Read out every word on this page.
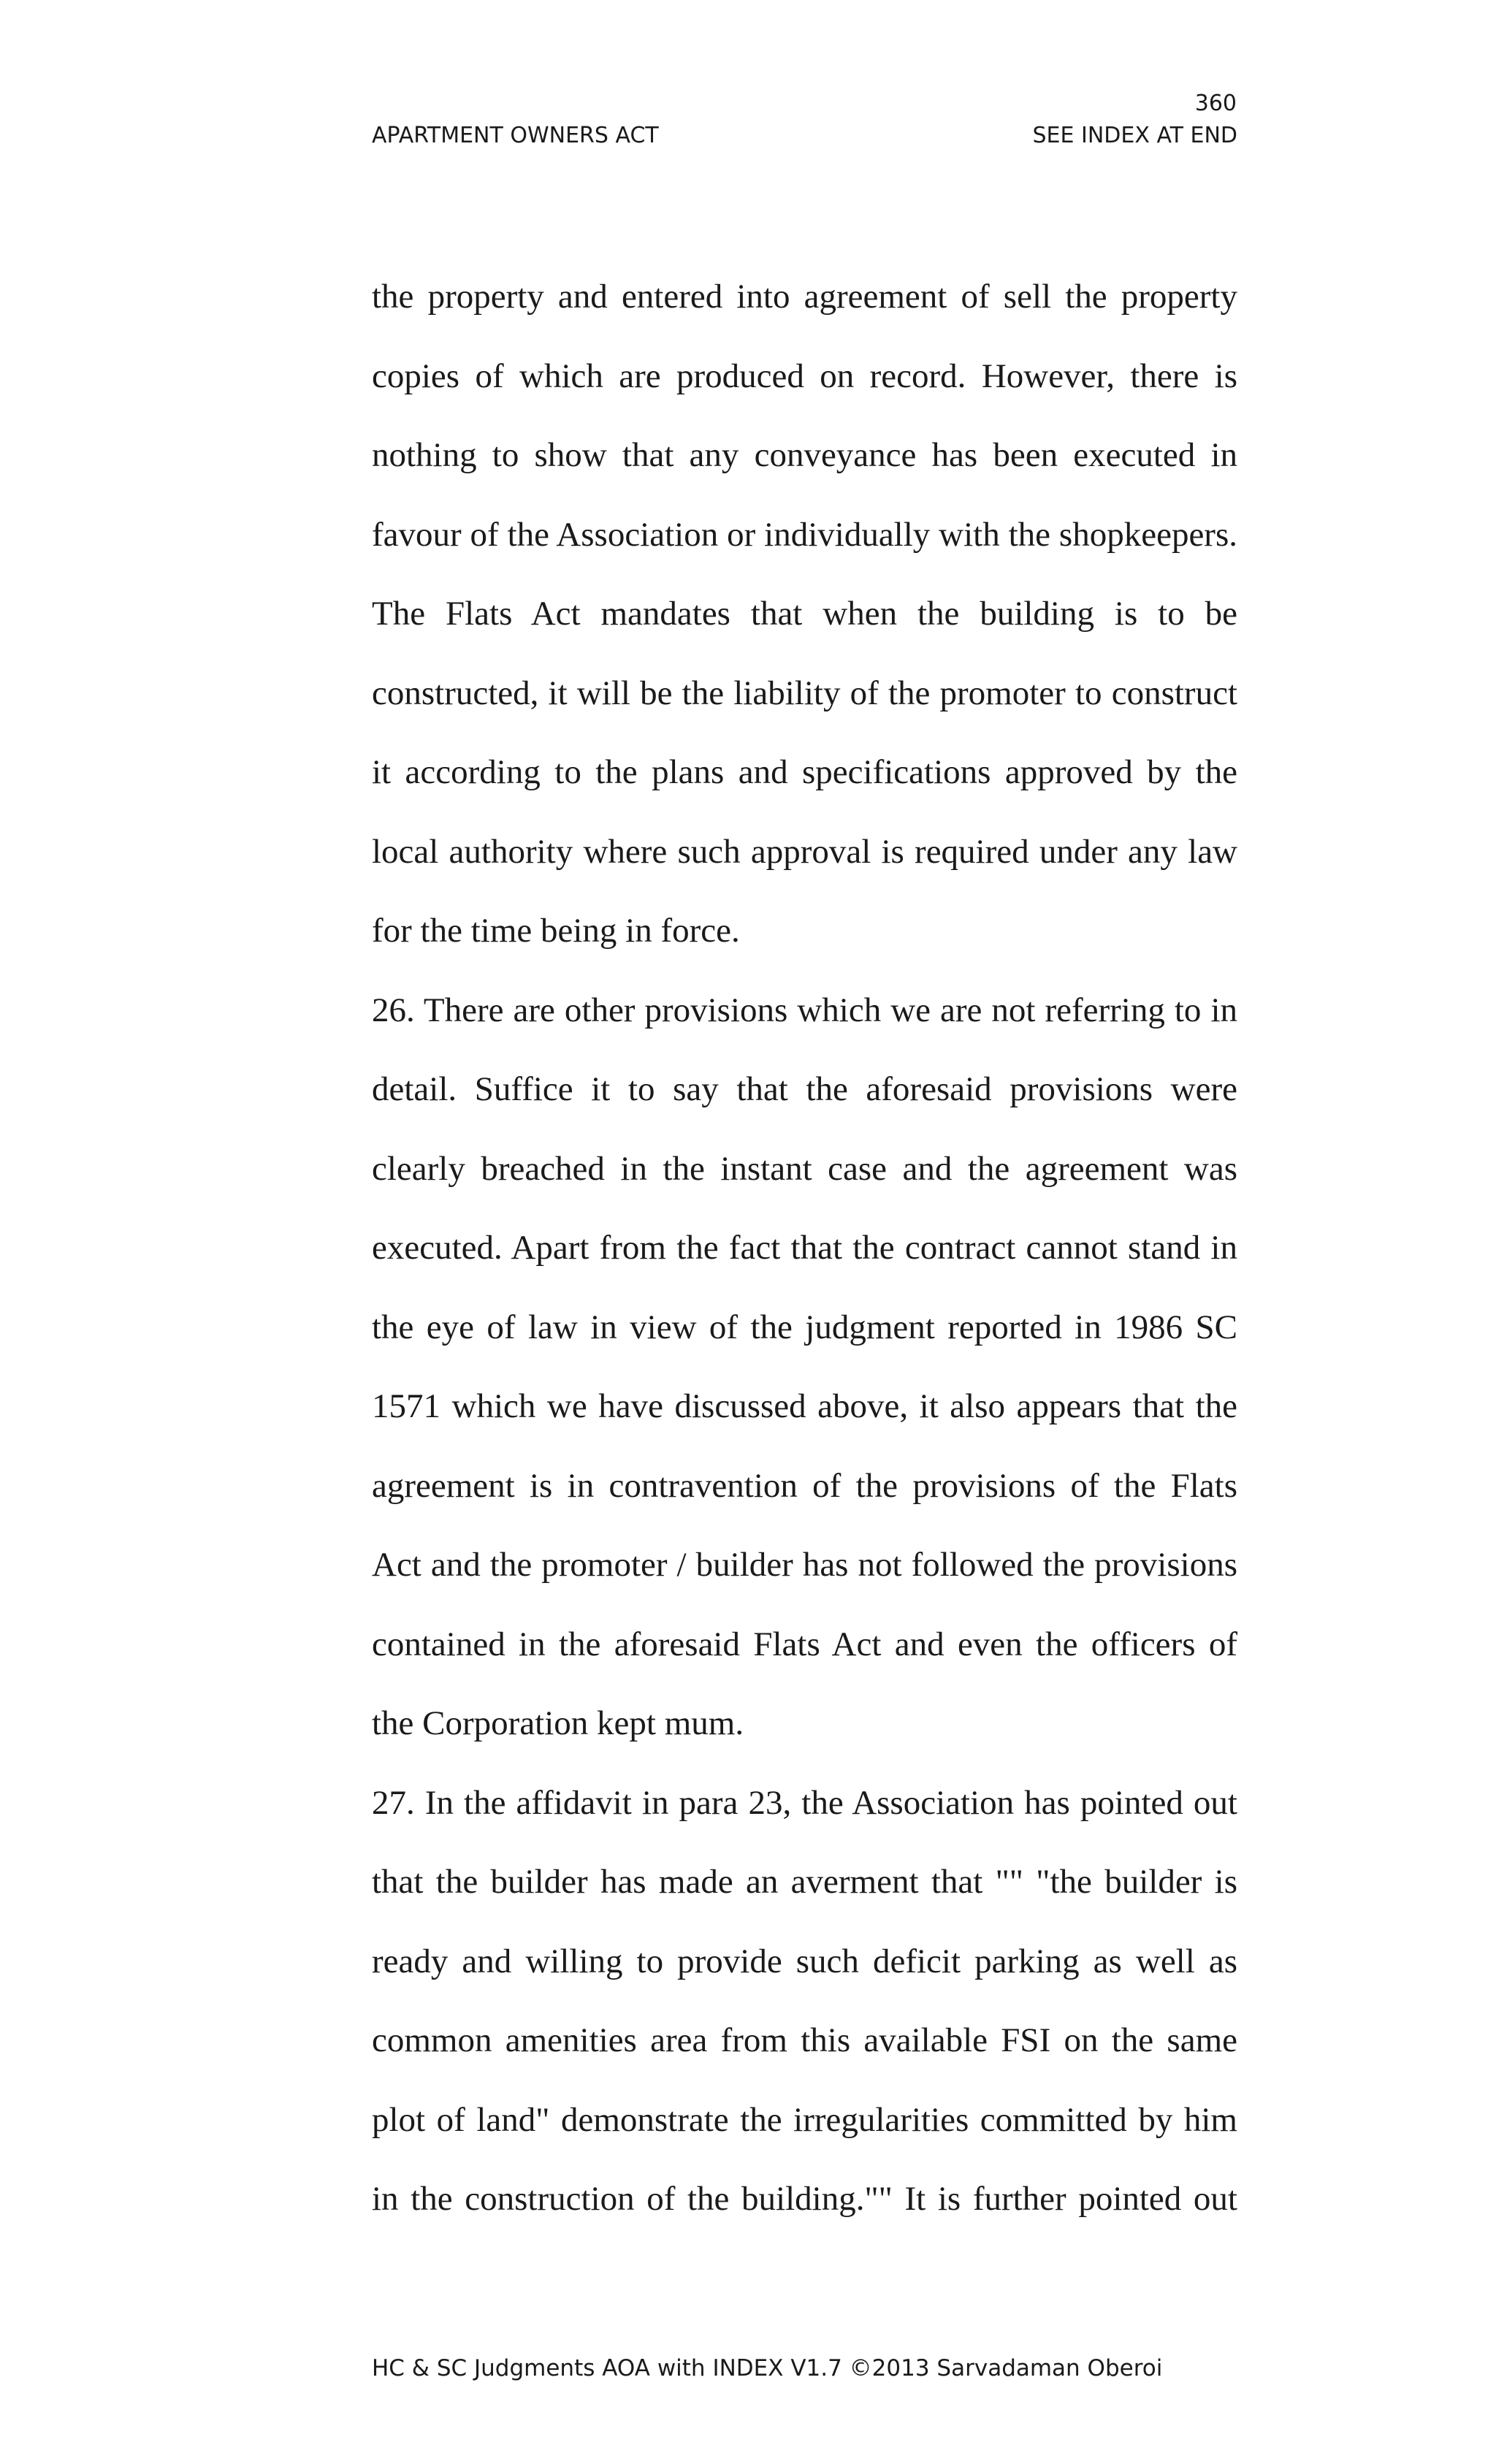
360
APARTMENT OWNERS ACT	SEE INDEX AT END

the property and entered into agreement of sell the property copies of which are produced on record. However, there is nothing to show that any conveyance has been executed in favour of the Association or individually with the shopkeepers. The Flats Act mandates that when the building is to be constructed, it will be the liability of the promoter to construct it according to the plans and specifications approved by the local authority where such approval is required under any law for the time being in force.

26. There are other provisions which we are not referring to in detail. Suffice it to say that the aforesaid provisions were clearly breached in the instant case and the agreement was executed. Apart from the fact that the contract cannot stand in the eye of law in view of the judgment reported in 1986 SC 1571 which we have discussed above, it also appears that the agreement is in contravention of the provisions of the Flats Act and the promoter / builder has not followed the provisions contained in the aforesaid Flats Act and even the officers of the Corporation kept mum.

27. In the affidavit in para 23, the Association has pointed out that the builder has made an averment that "" "the builder is ready and willing to provide such deficit parking as well as common amenities area from this available FSI on the same plot of land" demonstrate the irregularities committed by him in the construction of the building."" It is further pointed out

HC & SC Judgments AOA with INDEX V1.7 ©2013 Sarvadaman Oberoi
